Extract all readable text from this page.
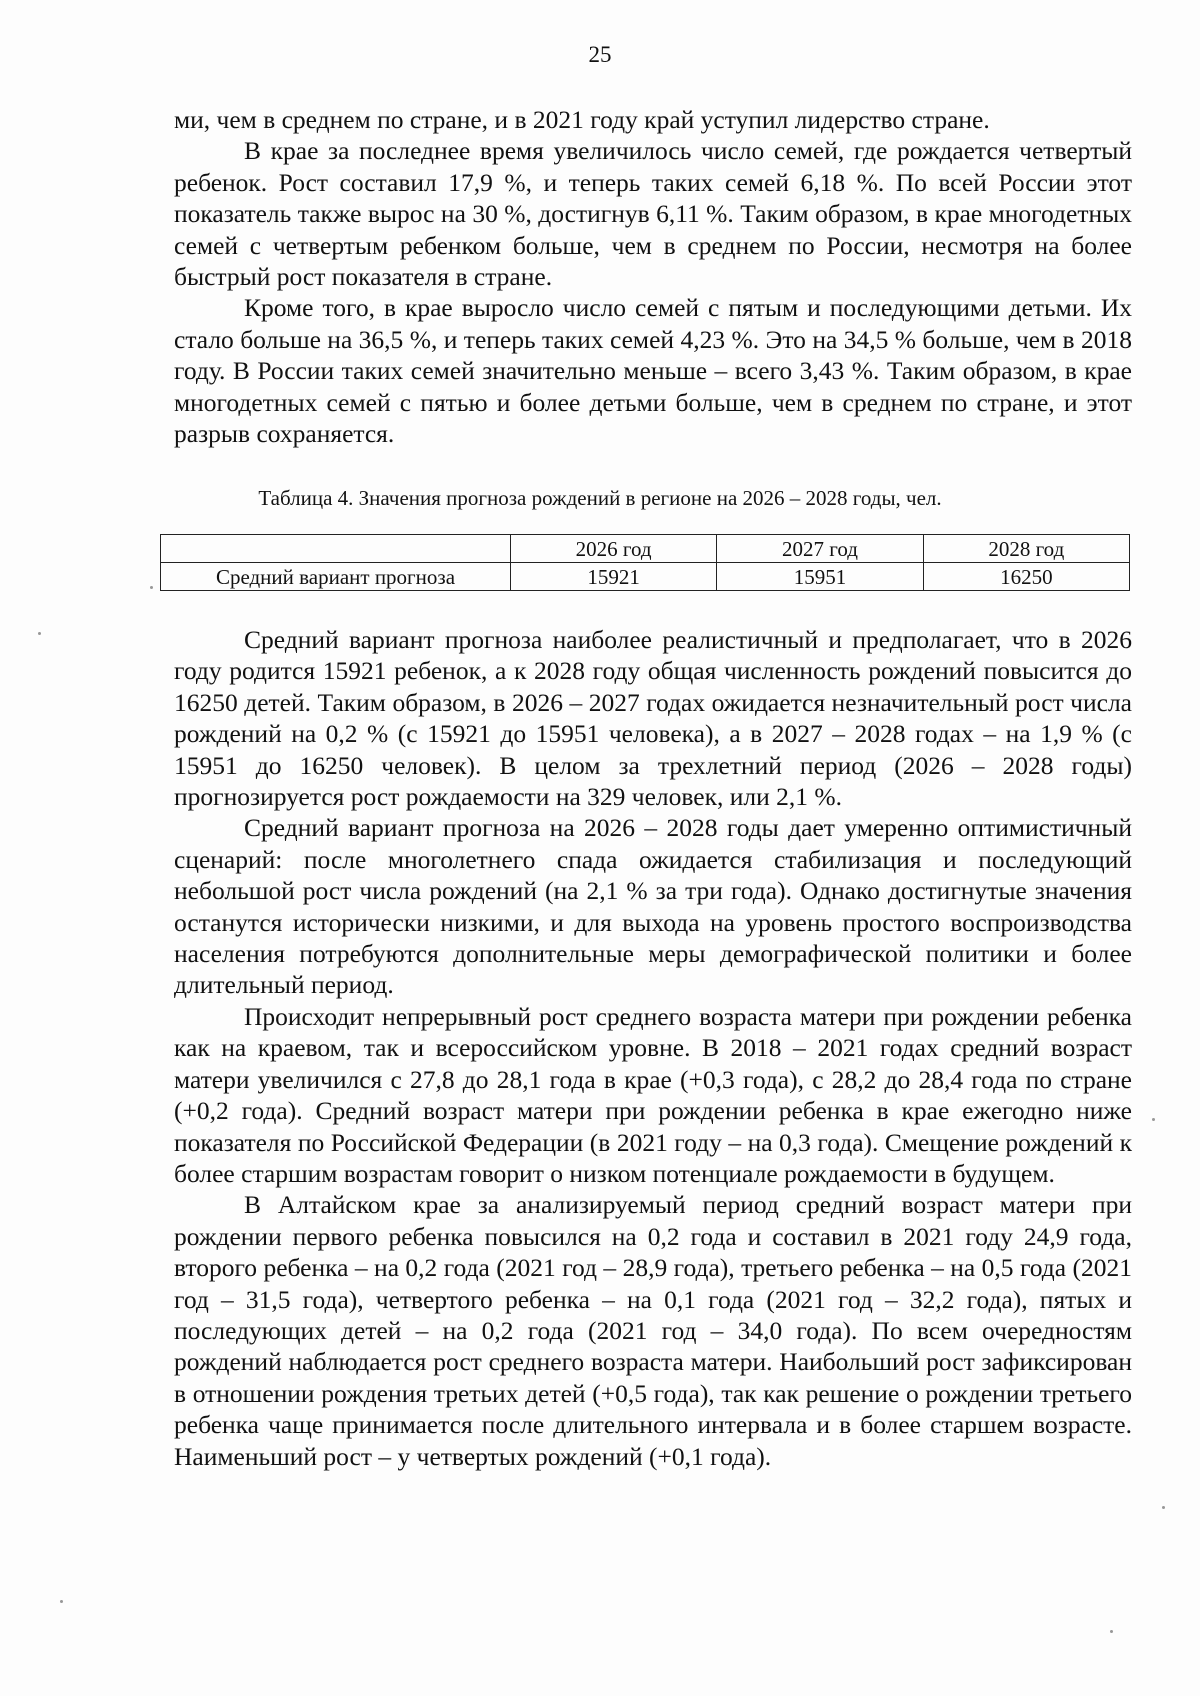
25

ми, чем в среднем по стране, и в 2021 году край уступил лидерство стране.

В крае за последнее время увеличилось число семей, где рождается четвертый ребенок. Рост составил 17,9 %, и теперь таких семей 6,18 %. По всей России этот показатель также вырос на 30 %, достигнув 6,11 %. Таким образом, в крае многодетных семей с четвертым ребенком больше, чем в среднем по России, несмотря на более быстрый рост показателя в стране.

Кроме того, в крае выросло число семей с пятым и последующими детьми. Их стало больше на 36,5 %, и теперь таких семей 4,23 %. Это на 34,5 % больше, чем в 2018 году. В России таких семей значительно меньше – всего 3,43 %. Таким образом, в крае многодетных семей с пятью и более детьми больше, чем в среднем по стране, и этот разрыв сохраняется.

Таблица 4. Значения прогноза рождений в регионе на 2026 – 2028 годы, чел.
	2026 год	2027 год	2028 год
Средний вариант прогноза	15921	15951	16250

Средний вариант прогноза наиболее реалистичный и предполагает, что в 2026 году родится 15921 ребенок, а к 2028 году общая численность рождений повысится до 16250 детей. Таким образом, в 2026 – 2027 годах ожидается незначительный рост числа рождений на 0,2 % (с 15921 до 15951 человека), а в 2027 – 2028 годах – на 1,9 % (с 15951 до 16250 человек). В целом за трехлетний период (2026 – 2028 годы) прогнозируется рост рождаемости на 329 человек, или 2,1 %.

Средний вариант прогноза на 2026 – 2028 годы дает умеренно оптимистичный сценарий: после многолетнего спада ожидается стабилизация и последующий небольшой рост числа рождений (на 2,1 % за три года). Однако достигнутые значения останутся исторически низкими, и для выхода на уровень простого воспроизводства населения потребуются дополнительные меры демографической политики и более длительный период.

Происходит непрерывный рост среднего возраста матери при рождении ребенка как на краевом, так и всероссийском уровне. В 2018 – 2021 годах средний возраст матери увеличился с 27,8 до 28,1 года в крае (+0,3 года), с 28,2 до 28,4 года по стране (+0,2 года). Средний возраст матери при рождении ребенка в крае ежегодно ниже показателя по Российской Федерации (в 2021 году – на 0,3 года). Смещение рождений к более старшим возрастам говорит о низком потенциале рождаемости в будущем.

В Алтайском крае за анализируемый период средний возраст матери при рождении первого ребенка повысился на 0,2 года и составил в 2021 году 24,9 года, второго ребенка – на 0,2 года (2021 год – 28,9 года), третьего ребенка – на 0,5 года (2021 год – 31,5 года), четвертого ребенка – на 0,1 года (2021 год – 32,2 года), пятых и последующих детей – на 0,2 года (2021 год – 34,0 года). По всем очередностям рождений наблюдается рост среднего возраста матери. Наибольший рост зафиксирован в отношении рождения третьих детей (+0,5 года), так как решение о рождении третьего ребенка чаще принимается после длительного интервала и в более старшем возрасте. Наименьший рост – у четвертых рождений (+0,1 года).
